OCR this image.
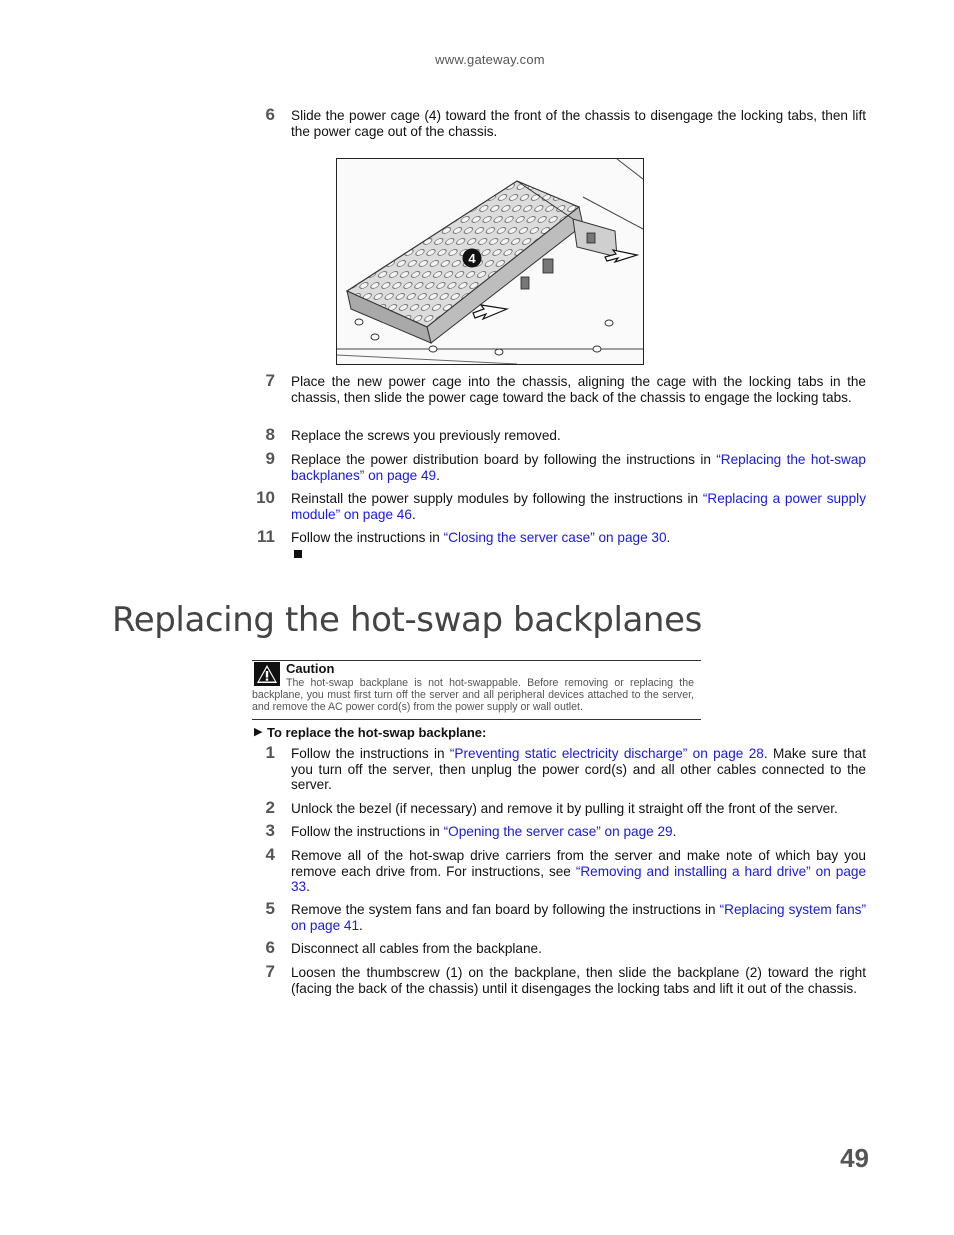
www.gateway.com
6 Slide the power cage (4) toward the front of the chassis to disengage the locking tabs, then lift the power cage out of the chassis.
7 Place the new power cage into the chassis, aligning the cage with the locking tabs in the chassis, then slide the power cage toward the back of the chassis to engage the locking tabs.
8 Replace the screws you previously removed.
9 Replace the power distribution board by following the instructions in “Replacing the hot-swap backplanes” on page 49.
10 Reinstall the power supply modules by following the instructions in “Replacing a power supply module” on page 46.
11 Follow the instructions in “Closing the server case” on page 30.
4
Replacing the hot-swap backplanes
Caution
The hot-swap backplane is not hot-swappable. Before removing or replacing the backplane, you must first turn off the server and all peripheral devices attached to the server, and remove the AC power cord(s) from the power supply or wall outlet.
▶ To replace the hot-swap backplane:
1 Follow the instructions in “Preventing static electricity discharge” on page 28. Make sure that you turn off the server, then unplug the power cord(s) and all other cables connected to the server.
2 Unlock the bezel (if necessary) and remove it by pulling it straight off the front of the server.
3 Follow the instructions in “Opening the server case” on page 29.
4 Remove all of the hot-swap drive carriers from the server and make note of which bay you remove each drive from. For instructions, see “Removing and installing a hard drive” on page 33.
5 Remove the system fans and fan board by following the instructions in “Replacing system fans” on page 41.
6 Disconnect all cables from the backplane.
7 Loosen the thumbscrew (1) on the backplane, then slide the backplane (2) toward the right (facing the back of the chassis) until it disengages the locking tabs and lift it out of the chassis.
49
